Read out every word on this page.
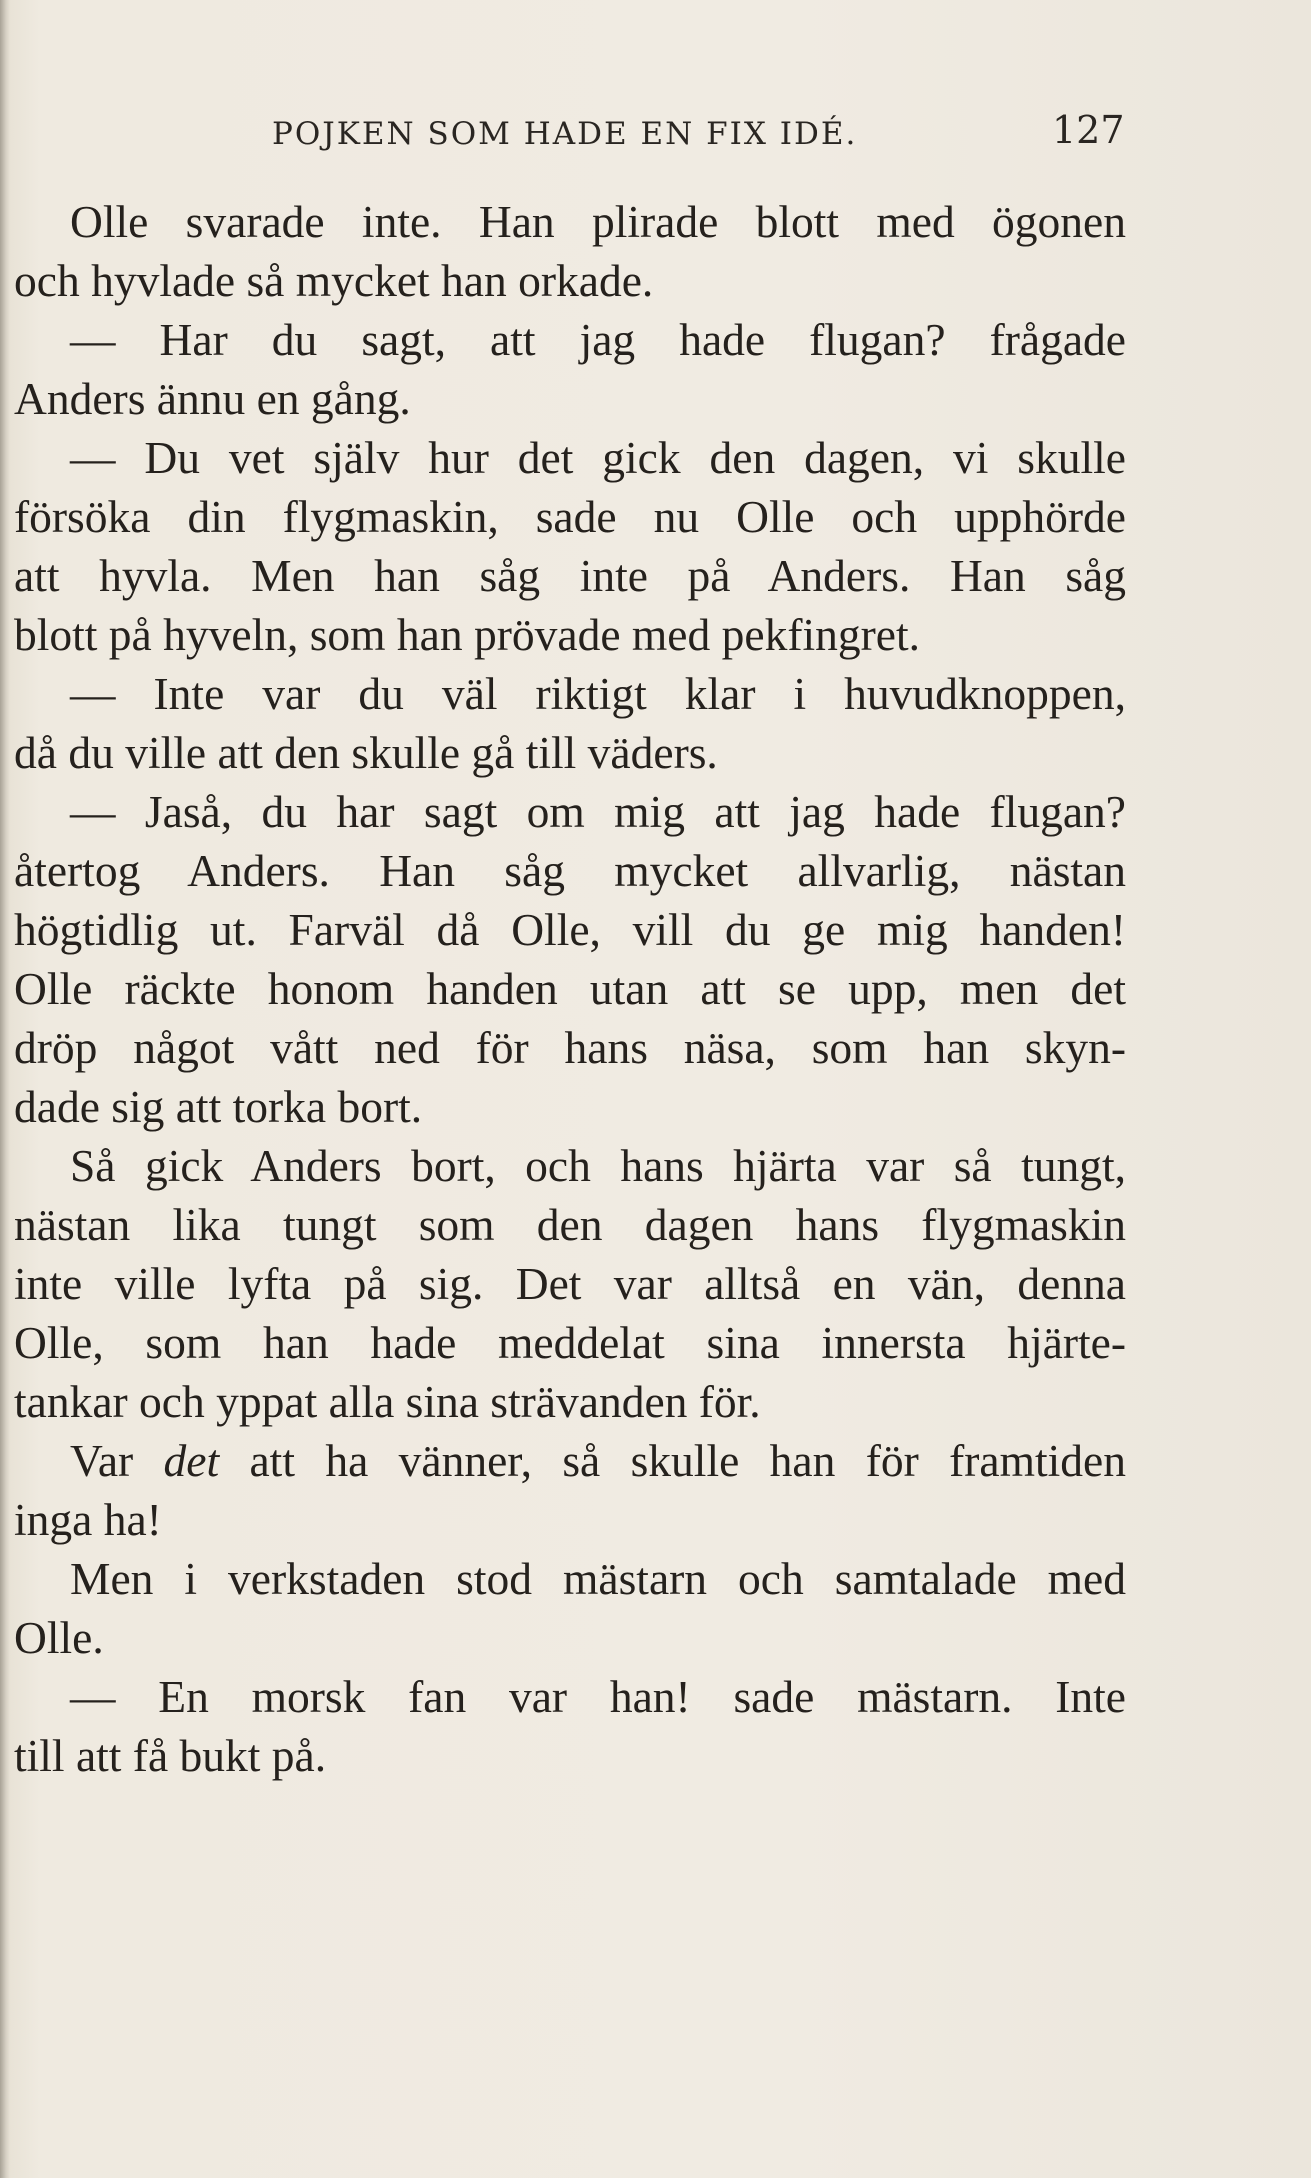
POJKEN SOM HADE EN FIX IDÉ.	127
Olle svarade inte. Han plirade blott med ögonen
och hyvlade så mycket han orkade.
— Har du sagt, att jag hade flugan? frågade
Anders ännu en gång.
— Du vet själv hur det gick den dagen, vi skulle
försöka din flygmaskin, sade nu Olle och upphörde
att hyvla. Men han såg inte på Anders. Han såg
blott på hyveln, som han prövade med pekfingret.
— Inte var du väl riktigt klar i huvudknoppen,
då du ville att den skulle gå till väders.
— Jaså, du har sagt om mig att jag hade flugan?
återtog Anders. Han såg mycket allvarlig, nästan
högtidlig ut. Farväl då Olle, vill du ge mig handen!
Olle räckte honom handen utan att se upp, men det
dröp något vått ned för hans näsa, som han skyn-
dade sig att torka bort.
Så gick Anders bort, och hans hjärta var så tungt,
nästan lika tungt som den dagen hans flygmaskin
inte ville lyfta på sig. Det var alltså en vän, denna
Olle, som han hade meddelat sina innersta hjärte-
tankar och yppat alla sina strävanden för.
Var det att ha vänner, så skulle han för framtiden
inga ha!
Men i verkstaden stod mästarn och samtalade med
Olle.
— En morsk fan var han! sade mästarn. Inte
till att få bukt på.
